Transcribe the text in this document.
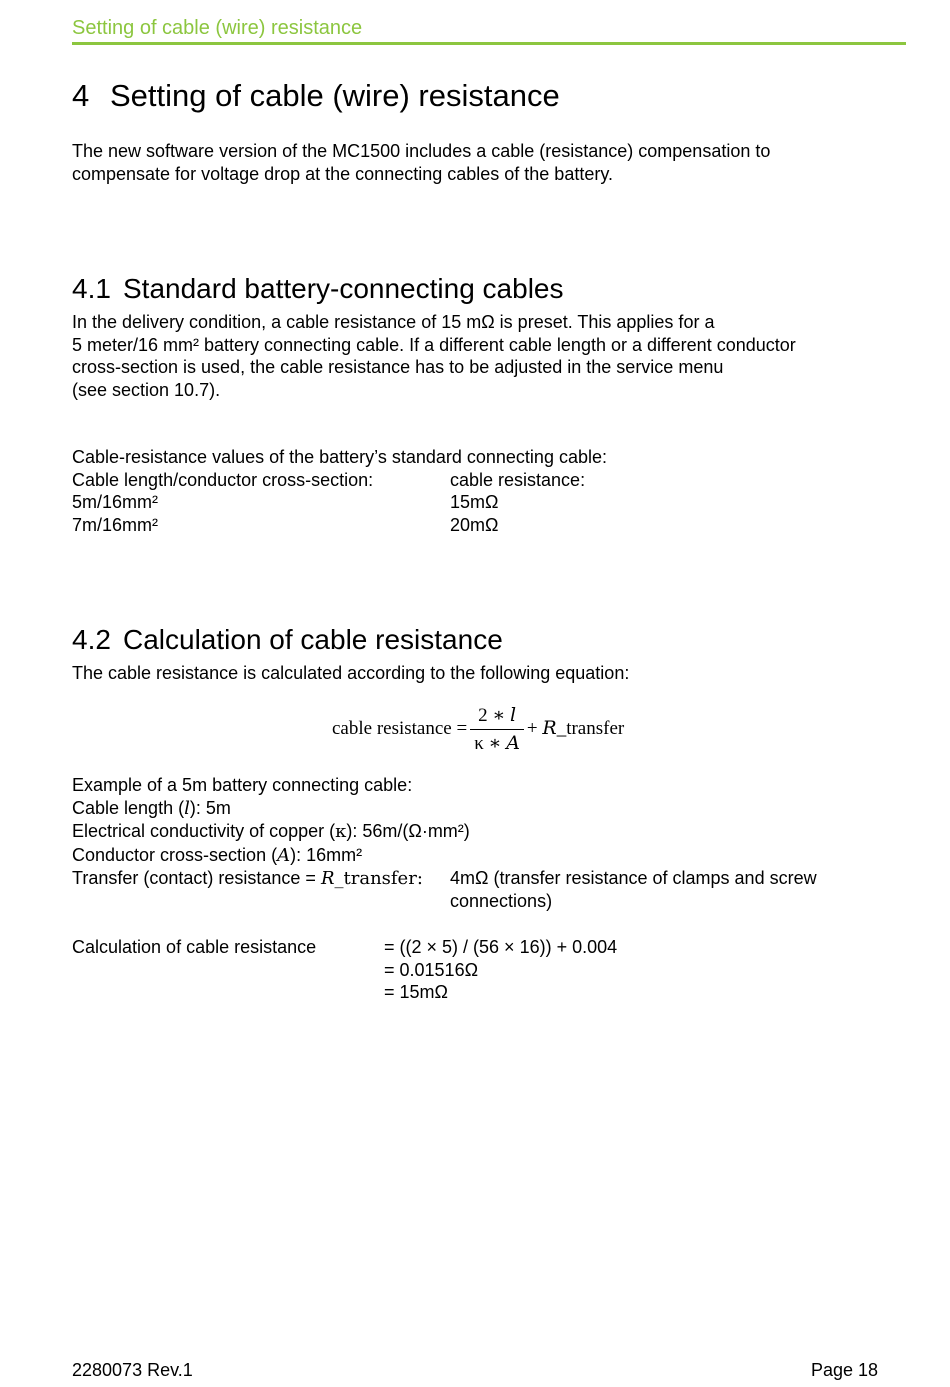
Setting of cable (wire) resistance
4 Setting of cable (wire) resistance
The new software version of the MC1500 includes a cable (resistance) compensation to
compensate for voltage drop at the connecting cables of the battery.
4.1 Standard battery-connecting cables
In the delivery condition, a cable resistance of 15 mΩ is preset. This applies for a
5 meter/16 mm² battery connecting cable. If a different cable length or a different conductor
cross-section is used, the cable resistance has to be adjusted in the service menu
(see section 10.7).
Cable-resistance values of the battery’s standard connecting cable:
Cable length/conductor cross-section:	cable resistance:
5m/16mm²	15mΩ
7m/16mm²	20mΩ
4.2 Calculation of cable resistance
The cable resistance is calculated according to the following equation:
cable resistance = $\frac{\text{2 ∗ 𝑙}}{\text{κ ∗ 𝐴}}$ + 𝑅_transfer
Example of a 5m battery connecting cable:
Cable length (𝑙): 5m
Electrical conductivity of copper (κ): 56m/(Ω·mm²)
Conductor cross-section (𝐴): 16mm²
Transfer (contact) resistance = 𝑅_transfer: 4mΩ (transfer resistance of clamps and screw
connections)
Calculation of cable resistance	= ((2 × 5) / (56 × 16)) + 0.004
= 0.01516Ω
= 15mΩ
2280073 Rev.1	Page 18
